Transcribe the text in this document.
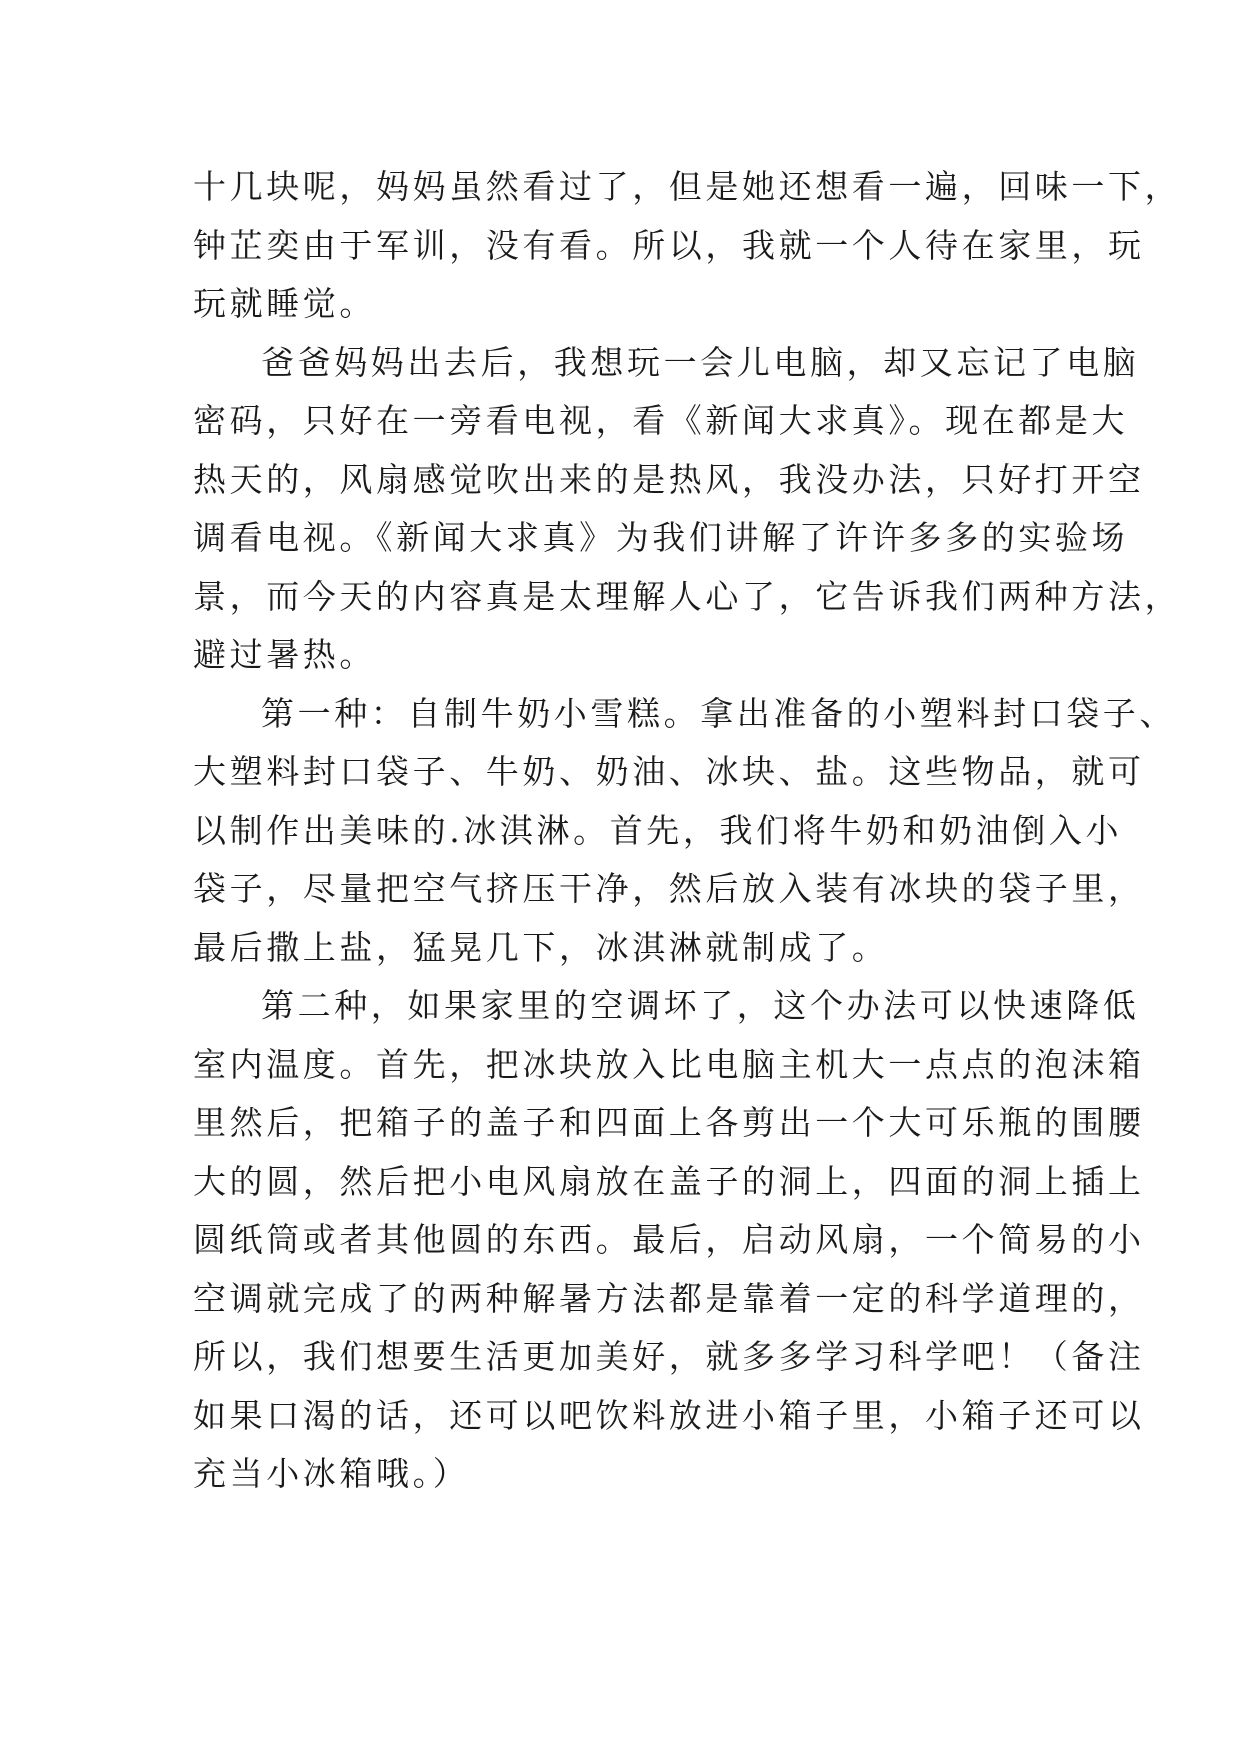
十几块呢，妈妈虽然看过了，但是她还想看一遍，回味一下，
钟芷奕由于军训，没有看。所以，我就一个人待在家里，玩
玩就睡觉。
爸爸妈妈出去后，我想玩一会儿电脑，却又忘记了电脑
密码，只好在一旁看电视，看《新闻大求真》。现在都是大
热天的，风扇感觉吹出来的是热风，我没办法，只好打开空
调看电视。《新闻大求真》为我们讲解了许许多多的实验场
景，而今天的内容真是太理解人心了，它告诉我们两种方法，
避过暑热。
第一种：自制牛奶小雪糕。拿出准备的小塑料封口袋子、
大塑料封口袋子、牛奶、奶油、冰块、盐。这些物品，就可
以制作出美味的.冰淇淋。首先，我们将牛奶和奶油倒入小
袋子，尽量把空气挤压干净，然后放入装有冰块的袋子里，
最后撒上盐，猛晃几下，冰淇淋就制成了。
第二种，如果家里的空调坏了，这个办法可以快速降低
室内温度。首先，把冰块放入比电脑主机大一点点的泡沫箱
里然后，把箱子的盖子和四面上各剪出一个大可乐瓶的围腰
大的圆，然后把小电风扇放在盖子的洞上，四面的洞上插上
圆纸筒或者其他圆的东西。最后，启动风扇，一个简易的小
空调就完成了的两种解暑方法都是靠着一定的科学道理的，
所以，我们想要生活更加美好，就多多学习科学吧！（备注
如果口渴的话，还可以吧饮料放进小箱子里，小箱子还可以
充当小冰箱哦。）
